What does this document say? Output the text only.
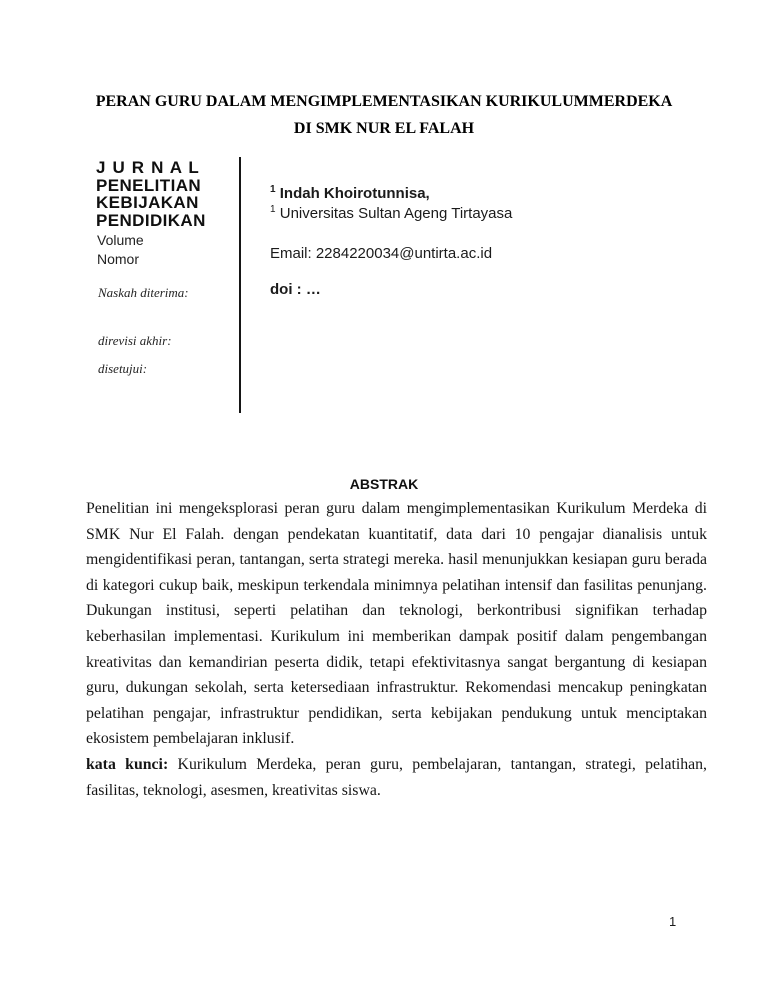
PERAN GURU DALAM MENGIMPLEMENTASIKAN KURIKULUMMERDEKA
DI SMK NUR EL FALAH
J U R N A L
PENELITIAN
KEBIJAKAN
PENDIDIKAN
Volume
Nomor
Naskah diterima:
direvisi akhir:
disetujui:
$^1$ Indah Khoirotunnisa,
$^1$ Universitas Sultan Ageng Tirtayasa
Email: 2284220034@untirta.ac.id
doi : …
ABSTRAK

Penelitian ini mengeksplorasi peran guru dalam mengimplementasikan Kurikulum Merdeka di SMK Nur El Falah. dengan pendekatan kuantitatif, data dari 10 pengajar dianalisis untuk mengidentifikasi peran, tantangan, serta strategi mereka. hasil menunjukkan kesiapan guru berada di kategori cukup baik, meskipun terkendala minimnya pelatihan intensif dan fasilitas penunjang. Dukungan institusi, seperti pelatihan dan teknologi, berkontribusi signifikan terhadap keberhasilan implementasi. Kurikulum ini memberikan dampak positif dalam pengembangan kreativitas dan kemandirian peserta didik, tetapi efektivitasnya sangat bergantung di kesiapan guru, dukungan sekolah, serta ketersediaan infrastruktur. Rekomendasi mencakup peningkatan pelatihan pengajar, infrastruktur pendidikan, serta kebijakan pendukung untuk menciptakan ekosistem pembelajaran inklusif.

kata kunci: Kurikulum Merdeka, peran guru, pembelajaran, tantangan, strategi, pelatihan, fasilitas, teknologi, asesmen, kreativitas siswa.

1
